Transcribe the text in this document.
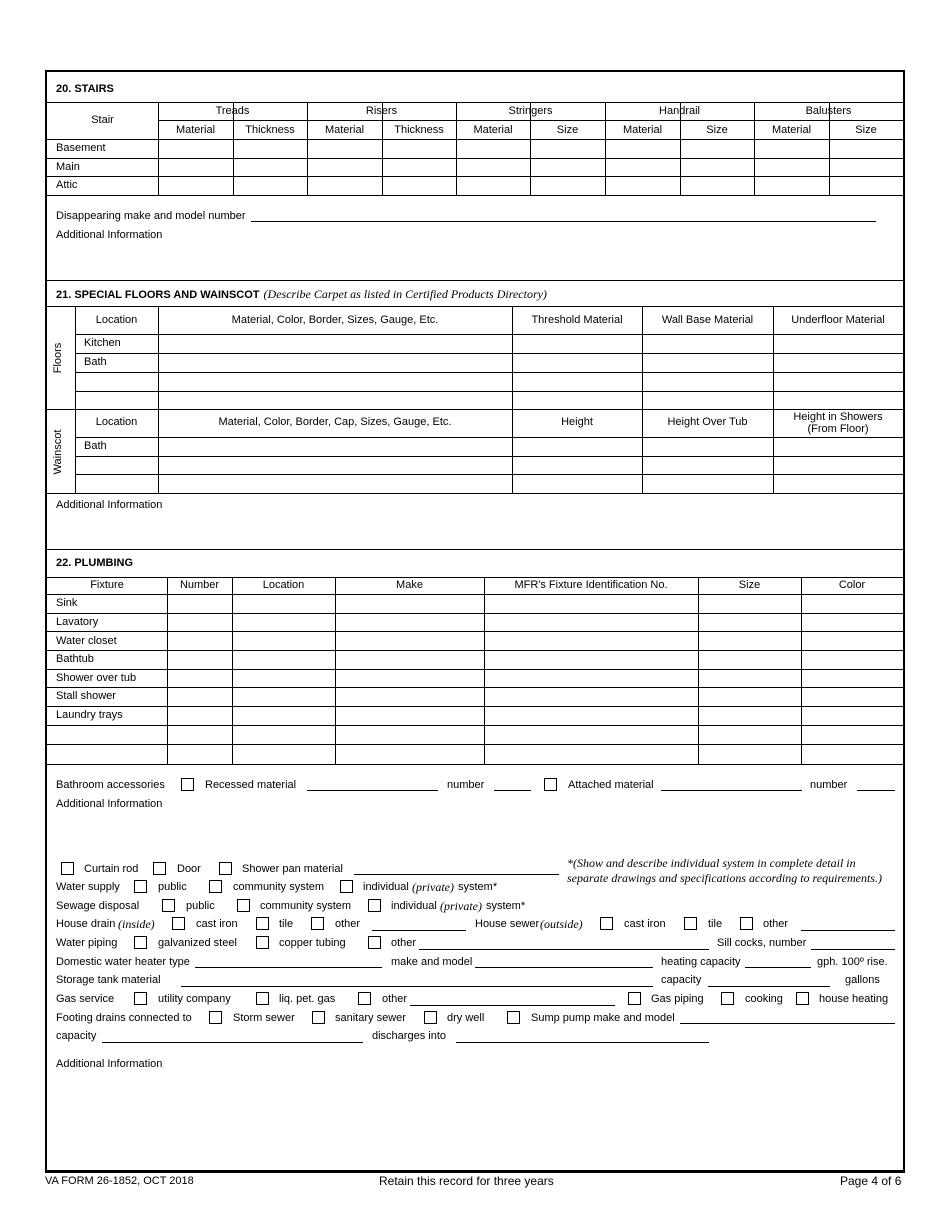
20. STAIRS
Stair
Treads	Risers	Stringers	Handrail	Balusters
Material	Thickness	Material	Thickness	Material	Size	Material	Size	Material	Size
Basement
Main
Attic
Disappearing make and model number
Additional Information
21. SPECIAL FLOORS AND WAINSCOT (Describe Carpet as listed in Certified Products Directory)
Location	Material, Color, Border, Sizes, Gauge, Etc.	Threshold Material	Wall Base Material	Underfloor Material
Floors	Kitchen
Bath
Location	Material, Color, Border, Cap, Sizes, Gauge, Etc.	Height	Height Over Tub	Height in Showers
(From Floor)
Wainscot	Bath
Additional Information
22. PLUMBING
Fixture	Number	Location	Make	MFR's Fixture Identification No.	Size	Color
Sink
Lavatory
Water closet
Bathtub
Shower over tub
Stall shower
Laundry trays
Bathroom accessories	Recessed material	number	Attached material	number
Additional Information
Curtain rod	Door	Shower pan material	*(Show and describe individual system in complete detail in
separate drawings and specifications according to requirements.)
Water supply	public	community system	individual (private) system*
Sewage disposal	public	community system	individual (private) system*
House drain (inside)	cast iron	tile	other	House sewer (outside)	cast iron	tile	other
Water piping	galvanized steel	copper tubing	other	Sill cocks, number
Domestic water heater type	make and model	heating capacity	gph. 100º rise.
Storage tank material	capacity	gallons
Gas service	utility company	liq. pet. gas	other	Gas piping	cooking	house heating
Footing drains connected to	Storm sewer	sanitary sewer	dry well	Sump pump make and model
capacity	discharges into
Additional Information
VA FORM 26-1852, OCT 2018	Retain this record for three years	Page 4 of 6
